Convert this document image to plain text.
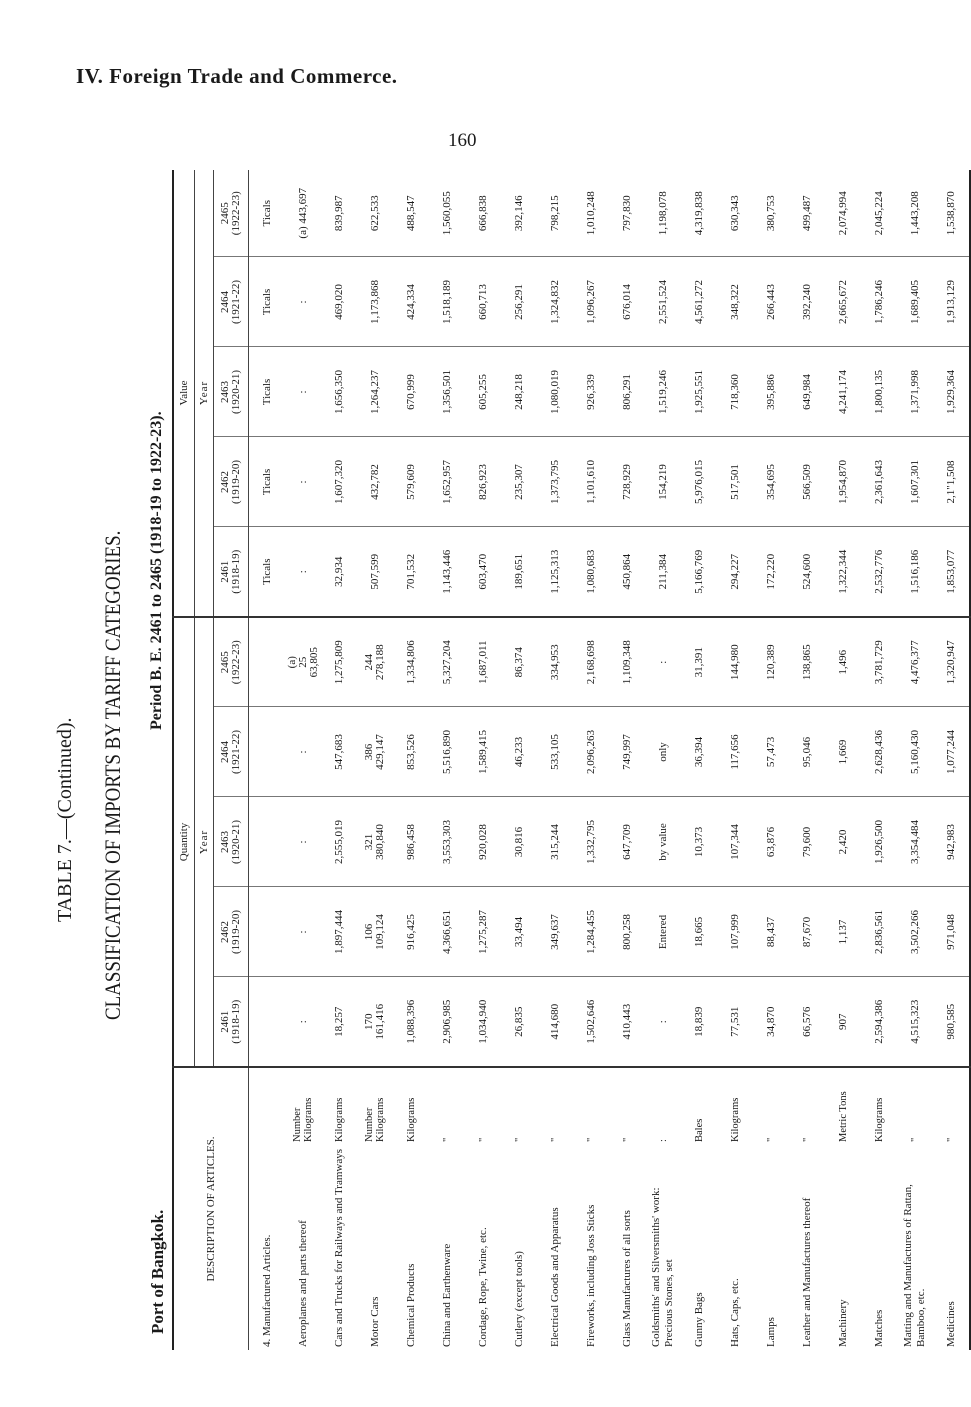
IV. Foreign Trade and Commerce.
160
TABLE 7.—(Continued). CLASSIFICATION OF IMPORTS BY TARIFF CATEGORIES.
Port of Bangkok.
Period B. E. 2461 to 2465 (1918-19 to 1922-23).
DESCRIPTION OF ARTICLES.		Quantity					Value				
		Year					Year				

		2461 (1918-19)	2462 (1919-20)	2463 (1920-21)	2464 (1921-22)	2465 (1922-23)	2461 (1918-19)	2462 (1919-20)	2463 (1920-21)	2464 (1921-22)	2465 (1922-23)

4. Manufactured Articles.							Ticals	Ticals	Ticals	Ticals	Ticals
Aeroplanes and parts thereof	Number Kilograms	:	:	:	:	(a) 25 63,805	:	:	:	:	(a) 443,697
Cars and Trucks for Railways and Tramways	Kilograms	18,257	1,897,444	2,555,019	547,683	1,275,809	32,934	1,607,320	1,656,350	469,020	839,987
Motor Cars	Number Kilograms	170 161,416	106 109,124	321 380,840	386 429,147	244 278,188	507,599	432,782	1,264,237	1,173,868	622,533
Chemical Products	Kilograms	1,088,396	916,425	986,458	853,526	1,334,806	701,532	579,609	670,999	424,334	488,547
China and Earthenware	"	2,906,985	4,366,651	3,553,303	5,516,890	5,327,204	1,143,446	1,652,957	1,356,501	1,518,189	1,560,055
Cordage, Rope, Twine, etc.	"	1,034,940	1,275,287	920,028	1,589,415	1,687,011	603,470	826,923	605,255	660,713	666,838
Cutlery (except tools)	"	26,835	33,494	30,816	46,233	86,374	189,651	235,307	248,218	256,291	392,146
Electrical Goods and Apparatus	"	414,680	349,637	315,244	533,105	334,953	1,125,313	1,373,795	1,080,019	1,324,832	798,215
Fireworks, including Joss Sticks	"	1,502,646	1,284,455	1,332,795	2,096,263	2,168,698	1,080,683	1,101,610	926,339	1,096,267	1,010,248
Glass Manufactures of all sorts	"	410,443	800,258	647,709	749,997	1,109,348	450,864	728,929	806,291	676,014	797,830
Goldsmiths' and Silversmiths' work: Precious Stones, set	:	:	Entered	by value	only	:	211,384	154,219	1,519,246	2,551,524	1,198,078
Gunny Bags	Bales	18,839	18,665	10,373	36,394	31,391	5,166,769	5,976,015	1,925,551	4,561,272	4,319,838
Hats, Caps, etc.	Kilograms	77,531	107,999	107,344	117,656	144,980	294,227	517,501	718,360	348,322	630,343
Lamps	"	34,870	88,437	63,876	57,473	120,389	172,220	354,695	395,886	266,443	380,753
Leather and Manufactures thereof	"	66,576	87,670	79,600	95,046	138,865	524,600	566,509	649,984	392,240	499,487
Machinery	Metric Tons	907	1,137	2,420	1,669	1,496	1,322,344	1,954,870	4,241,174	2,665,672	2,074,994
Matches	Kilograms	2,594,386	2,836,561	1,926,500	2,628,436	3,781,729	2,532,776	2,361,643	1,800,135	1,786,246	2,045,224
Matting and Manufactures of Rattan, Bamboo, etc.	"	4,515,323	3,502,266	3,354,484	5,160,430	4,476,377	1,516,186	1,607,301	1,371,998	1,689,405	1,443,208
Medicines	"	980,585	971,048	942,983	1,077,244	1,320,947	1,853,077	2,1"1,508	1,929,364	1,913,129	1,538,870
